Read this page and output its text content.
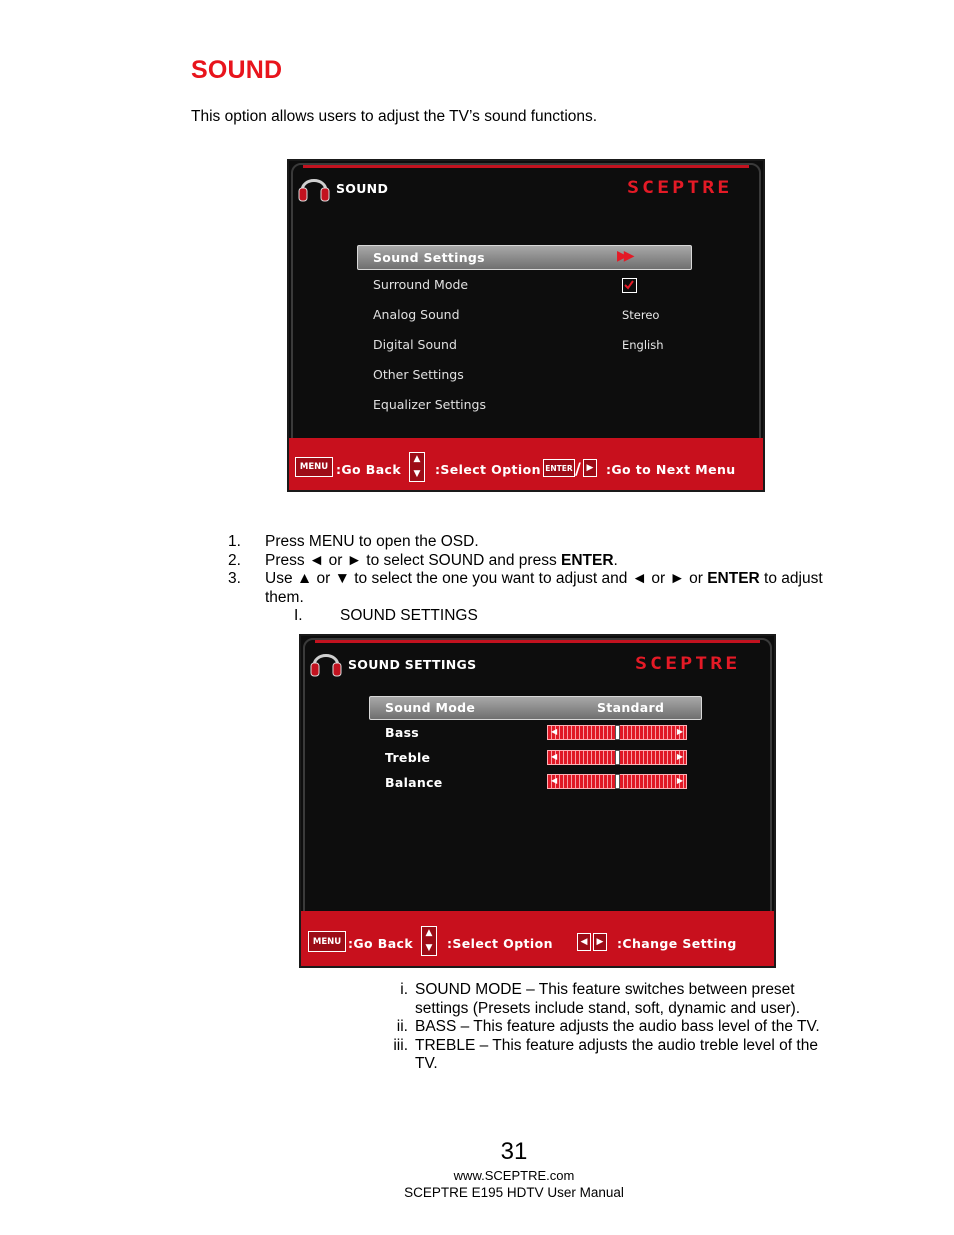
SOUND
This option allows users to adjust the TV’s sound functions.
SOUND	SCEPTRE
Sound Settings	▶▶
Surround Mode
Analog Sound	Stereo
Digital Sound	English
Other Settings
Equalizer Settings
MENU :Go Back
▲
▼ :Select Option ENTER / ▶ :Go to Next Menu
1. Press MENU to open the OSD.
2. Press ◄ or ► to select SOUND and press ENTER.
3. Use ▲ or ▼ to select the one you want to adjust and ◄ or ► or ENTER to adjust them.
I. SOUND SETTINGS
SOUND SETTINGS	SCEPTRE
Sound Mode	Standard
Bass	◀	▶
Treble	◀	▶
Balance	◀	▶
MENU :Go Back
▲
▼ :Select Option	◀	▶ :Change Setting
i. SOUND MODE – This feature switches between preset settings (Presets include stand, soft, dynamic and user).
ii. BASS – This feature adjusts the audio bass level of the TV.
iii. TREBLE – This feature adjusts the audio treble level of the TV.
31
www.SCEPTRE.com
SCEPTRE E195 HDTV User Manual
